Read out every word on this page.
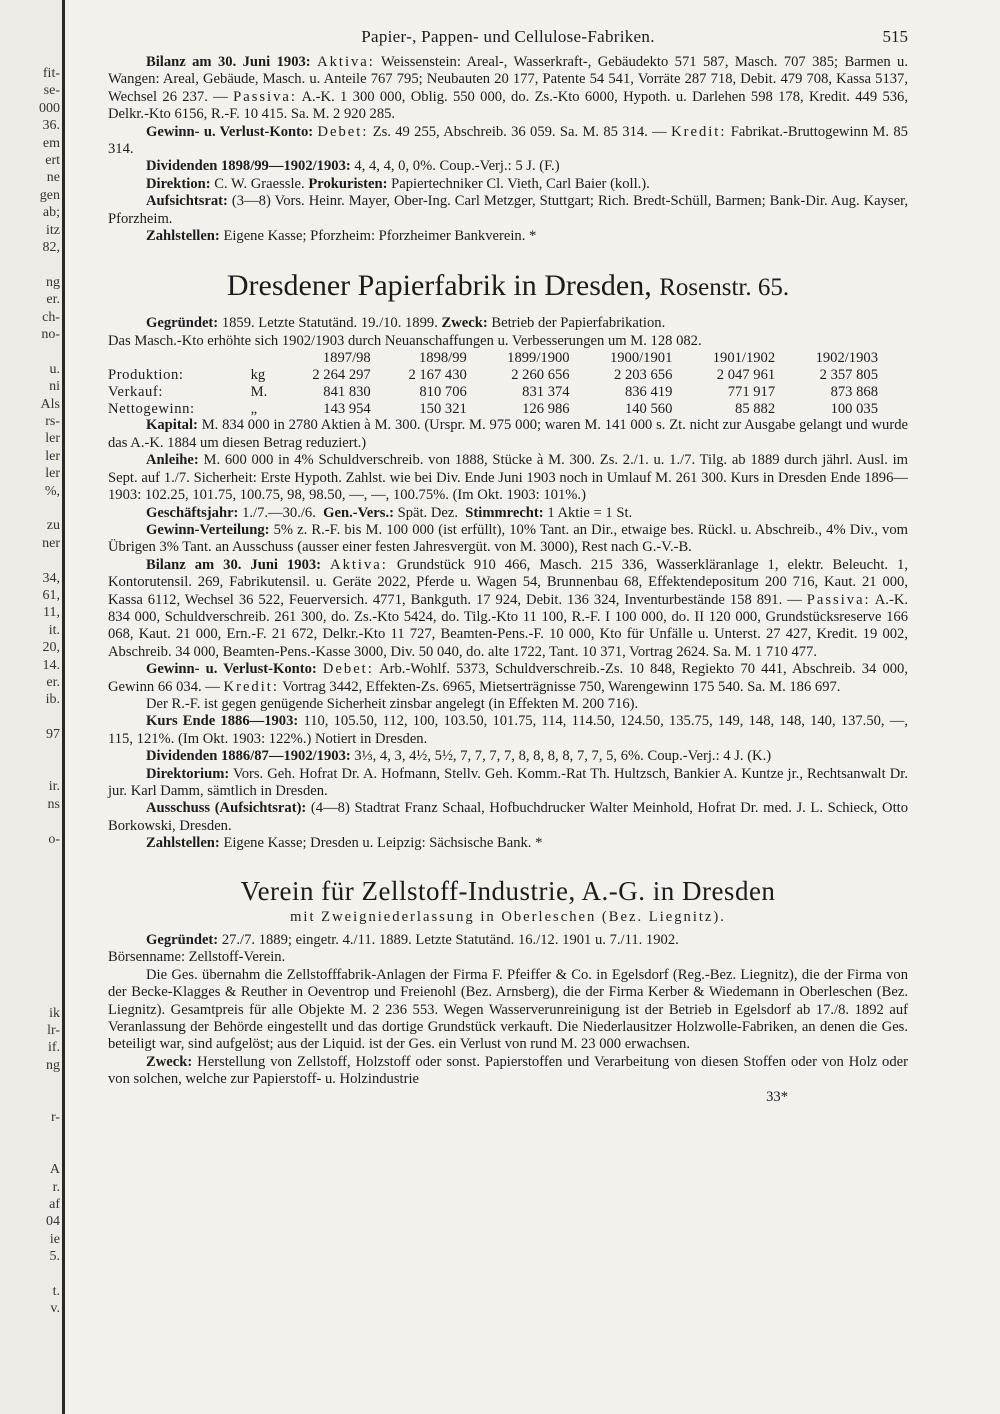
fit-
se-
000
36.
em
ert
ne
gen
ab;
itz
82,
ng
er.
ch-
no-
u.
ni
Als
rs-
ler
ler
ler
%,
zu
ner
34,
61,
11,
it.
20,
14.
er.
ib.
97
ir.
ns
o-
ik
lr-
if.
ng
r-
A
r.
af
04
ie
5.
t.
v.
Papier-, Pappen- und Cellulose-Fabriken.	515

Bilanz am 30. Juni 1903: Aktiva: Weissenstein: Areal-, Wasserkraft-, Gebäudekto 571 587, Masch. 707 385; Barmen u. Wangen: Areal, Gebäude, Masch. u. Anteile 767 795; Neubauten 20 177, Patente 54 541, Vorräte 287 718, Debit. 479 708, Kassa 5137, Wechsel 26 237. — Passiva: A.-K. 1 300 000, Oblig. 550 000, do. Zs.-Kto 6000, Hypoth. u. Darlehen 598 178, Kredit. 449 536, Delkr.-Kto 6156, R.-F. 10 415. Sa. M. 2 920 285.

Gewinn- u. Verlust-Konto: Debet: Zs. 49 255, Abschreib. 36 059. Sa. M. 85 314. — Kredit: Fabrikat.-Bruttogewinn M. 85 314.

Dividenden 1898/99—1902/1903: 4, 4, 4, 0, 0%. Coup.-Verj.: 5 J. (F.)

Direktion: C. W. Graessle. Prokuristen: Papiertechniker Cl. Vieth, Carl Baier (koll.).

Aufsichtsrat: (3—8) Vors. Heinr. Mayer, Ober-Ing. Carl Metzger, Stuttgart; Rich. Bredt-Schüll, Barmen; Bank-Dir. Aug. Kayser, Pforzheim.

Zahlstellen: Eigene Kasse; Pforzheim: Pforzheimer Bankverein. *

Dresdener Papierfabrik in Dresden, Rosenstr. 65.

Gegründet: 1859. Letzte Statutänd. 19./10. 1899. Zweck: Betrieb der Papierfabrikation.

Das Masch.-Kto erhöhte sich 1902/1903 durch Neuanschaffungen u. Verbesserungen um M. 128 082.

		1897/98	1898/99	1899/1900	1900/1901	1901/1902	1902/1903
Produktion:	kg	2 264 297	2 167 430	2 260 656	2 203 656	2 047 961	2 357 805
Verkauf:	M.	841 830	810 706	831 374	836 419	771 917	873 868
Nettogewinn:	„	143 954	150 321	126 986	140 560	85 882	100 035

Kapital: M. 834 000 in 2780 Aktien à M. 300. (Urspr. M. 975 000; waren M. 141 000 s. Zt. nicht zur Ausgabe gelangt und wurde das A.-K. 1884 um diesen Betrag reduziert.)

Anleihe: M. 600 000 in 4% Schuldverschreib. von 1888, Stücke à M. 300. Zs. 2./1. u. 1./7. Tilg. ab 1889 durch jährl. Ausl. im Sept. auf 1./7. Sicherheit: Erste Hypoth. Zahlst. wie bei Div. Ende Juni 1903 noch in Umlauf M. 261 300. Kurs in Dresden Ende 1896—1903: 102.25, 101.75, 100.75, 98, 98.50, —, —, 100.75%. (Im Okt. 1903: 101%.)

Geschäftsjahr: 1./7.—30./6. Gen.-Vers.: Spät. Dez. Stimmrecht: 1 Aktie = 1 St.

Gewinn-Verteilung: 5% z. R.-F. bis M. 100 000 (ist erfüllt), 10% Tant. an Dir., etwaige bes. Rückl. u. Abschreib., 4% Div., vom Übrigen 3% Tant. an Ausschuss (ausser einer festen Jahresvergüt. von M. 3000), Rest nach G.-V.-B.

Bilanz am 30. Juni 1903: Aktiva: Grundstück 910 466, Masch. 215 336, Wasserkläranlage 1, elektr. Beleucht. 1, Kontorutensil. 269, Fabrikutensil. u. Geräte 2022, Pferde u. Wagen 54, Brunnenbau 68, Effektendepositum 200 716, Kaut. 21 000, Kassa 6112, Wechsel 36 522, Feuerversich. 4771, Bankguth. 17 924, Debit. 136 324, Inventurbestände 158 891. — Passiva: A.-K. 834 000, Schuldverschreib. 261 300, do. Zs.-Kto 5424, do. Tilg.-Kto 11 100, R.-F. I 100 000, do. II 120 000, Grundstücksreserve 166 068, Kaut. 21 000, Ern.-F. 21 672, Delkr.-Kto 11 727, Beamten-Pens.-F. 10 000, Kto für Unfälle u. Unterst. 27 427, Kredit. 19 002, Abschreib. 34 000, Beamten-Pens.-Kasse 3000, Div. 50 040, do. alte 1722, Tant. 10 371, Vortrag 2624. Sa. M. 1 710 477.

Gewinn- u. Verlust-Konto: Debet: Arb.-Wohlf. 5373, Schuldverschreib.-Zs. 10 848, Regiekto 70 441, Abschreib. 34 000, Gewinn 66 034. — Kredit: Vortrag 3442, Effekten-Zs. 6965, Mietserträgnisse 750, Warengewinn 175 540. Sa. M. 186 697.

Der R.-F. ist gegen genügende Sicherheit zinsbar angelegt (in Effekten M. 200 716).

Kurs Ende 1886—1903: 110, 105.50, 112, 100, 103.50, 101.75, 114, 114.50, 124.50, 135.75, 149, 148, 148, 140, 137.50, —, 115, 121%. (Im Okt. 1903: 122%.) Notiert in Dresden.

Dividenden 1886/87—1902/1903: 3⅓, 4, 3, 4½, 5½, 7, 7, 7, 7, 8, 8, 8, 8, 7, 7, 5, 6%. Coup.-Verj.: 4 J. (K.)

Direktorium: Vors. Geh. Hofrat Dr. A. Hofmann, Stellv. Geh. Komm.-Rat Th. Hultzsch, Bankier A. Kuntze jr., Rechtsanwalt Dr. jur. Karl Damm, sämtlich in Dresden.

Ausschuss (Aufsichtsrat): (4—8) Stadtrat Franz Schaal, Hofbuchdrucker Walter Meinhold, Hofrat Dr. med. J. L. Schieck, Otto Borkowski, Dresden.

Zahlstellen: Eigene Kasse; Dresden u. Leipzig: Sächsische Bank. *

Verein für Zellstoff-Industrie, A.-G. in Dresden
mit Zweigniederlassung in Oberleschen (Bez. Liegnitz).

Gegründet: 27./7. 1889; eingetr. 4./11. 1889. Letzte Statutänd. 16./12. 1901 u. 7./11. 1902.

Börsenname: Zellstoff-Verein.

Die Ges. übernahm die Zellstofffabrik-Anlagen der Firma F. Pfeiffer & Co. in Egelsdorf (Reg.-Bez. Liegnitz), die der Firma von der Becke-Klagges & Reuther in Oeventrop und Freienohl (Bez. Arnsberg), die der Firma Kerber & Wiedemann in Oberleschen (Bez. Liegnitz). Gesamtpreis für alle Objekte M. 2 236 553. Wegen Wasserverunreinigung ist der Betrieb in Egelsdorf ab 17./8. 1892 auf Veranlassung der Behörde eingestellt und das dortige Grundstück verkauft. Die Niederlausitzer Holzwolle-Fabriken, an denen die Ges. beteiligt war, sind aufgelöst; aus der Liquid. ist der Ges. ein Verlust von rund M. 23 000 erwachsen.

Zweck: Herstellung von Zellstoff, Holzstoff oder sonst. Papierstoffen und Verarbeitung von diesen Stoffen oder von Holz oder von solchen, welche zur Papierstoff- u. Holzindustrie

33*
